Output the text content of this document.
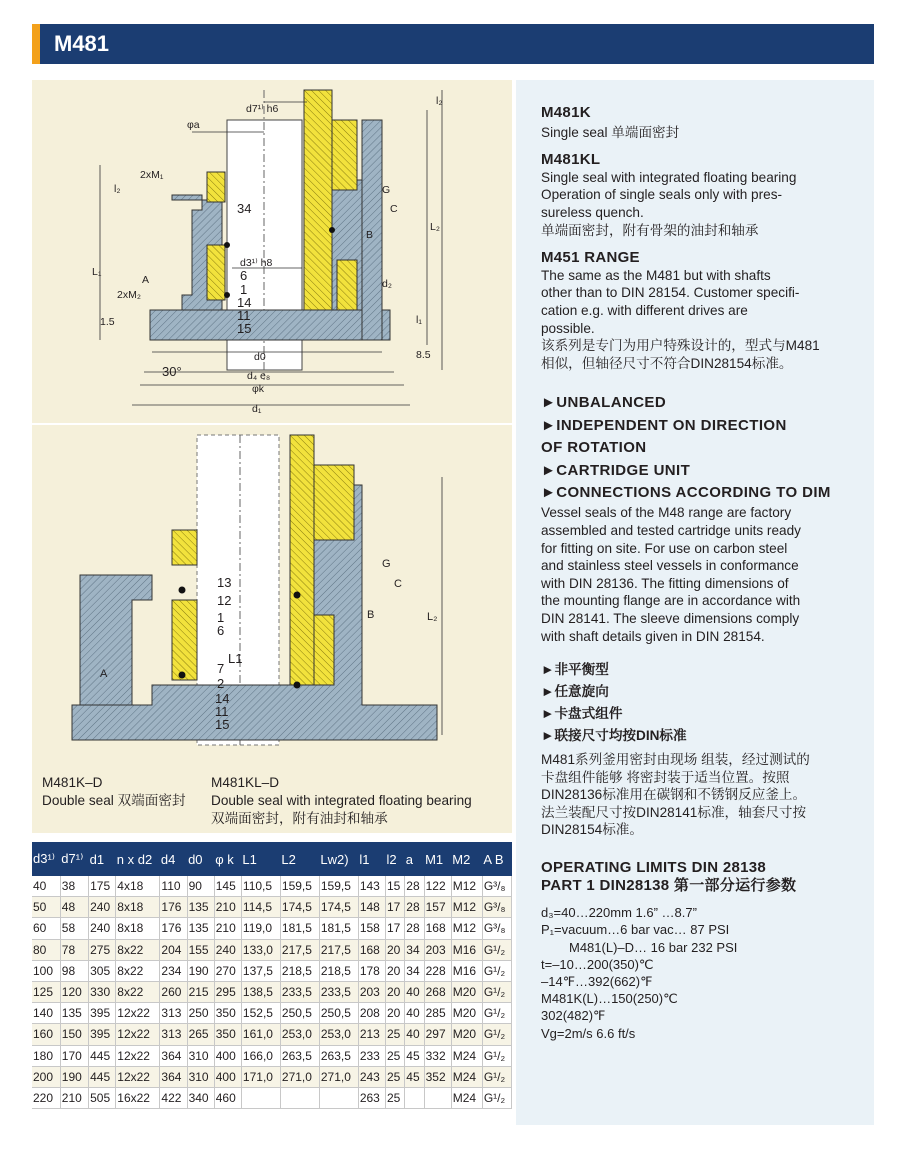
M481
d7¹⁾ h6
φa
2xM₁
l₂
34
L₁
A
2xM₂
d3¹⁾ h8
6
1
14
11
15
1.5
30°
d0
d₄ e₈
φk
d₁
G
C
B
L₂
d₂
l₁
8.5
l₂
13
12
1
6
L1
7
2
14
11
15
A
G
C
B	L₂
M481K–D
Double seal 双端面密封
M481KL–D
Double seal with integrated floating bearing
双端面密封，附有油封和轴承
M481K

Single seal 单端面密封

M481KL
Single seal with integrated floating bearing
Operation of single seals only with pres-
sureless quench.
单端面密封，附有骨架的油封和轴承
M451 RANGE
The same as the M481 but with shafts
other than to DIN 28154. Customer specifi-
cation e.g. with different drives are
possible.
该系列是专门为用户特殊设计的，型式与M481
相似，但轴径尺寸不符合DIN28154标准。
►UNBALANCED
►INDEPENDENT ON DIRECTION
OF ROTATION
►CARTRIDGE UNIT
►CONNECTIONS ACCORDING TO DIM
Vessel seals of the M48 range are factory
assembled and tested cartridge units ready
for fitting on site. For use on carbon steel
and stainless steel vessels in conformance
with DIN 28136. The fitting dimensions of
the mounting flange are in accordance with
DIN 28141. The sleeve dimensions comply
with shaft details given in DIN 28154.
►非平衡型
►任意旋向
►卡盘式组件
►联接尺寸均按DIN标准
M481系列釜用密封由现场 组装，经过测试的
卡盘组件能够 将密封装于适当位置。按照
DIN28136标准用在碳钢和不锈钢反应釜上。
法兰装配尺寸按DIN28141标准，轴套尺寸按
DIN28154标准。
OPERATING LIMITS DIN 28138
PART 1 DIN28138 第一部分运行参数
d₃=40…220mm 1.6” …8.7”
P₁=vacuum…6 bar vac… 87 PSI
M481(L)–D… 16 bar 232 PSI
t=–10…200(350)℃
–14℉…392(662)℉
M481K(L)…150(250)℃
302(482)℉
Vg=2m/s 6.6 ft/s
d3¹⁾	d7¹⁾	d1	n x d2	d4	d0	φ k	L1	L2	Lw2)	l1	l2	a	M1	M2	A B
40	38	175	4x18	110	90	145	110,5	159,5	159,5	143	15	28	122	M12	G³/₈
50	48	240	8x18	176	135	210	114,5	174,5	174,5	148	17	28	157	M12	G³/₈
60	58	240	8x18	176	135	210	119,0	181,5	181,5	158	17	28	168	M12	G³/₈
80	78	275	8x22	204	155	240	133,0	217,5	217,5	168	20	34	203	M16	G¹/₂
100	98	305	8x22	234	190	270	137,5	218,5	218,5	178	20	34	228	M16	G¹/₂
125	120	330	8x22	260	215	295	138,5	233,5	233,5	203	20	40	268	M20	G¹/₂
140	135	395	12x22	313	250	350	152,5	250,5	250,5	208	20	40	285	M20	G¹/₂
160	150	395	12x22	313	265	350	161,0	253,0	253,0	213	25	40	297	M20	G¹/₂
180	170	445	12x22	364	310	400	166,0	263,5	263,5	233	25	45	332	M24	G¹/₂
200	190	445	12x22	364	310	400	171,0	271,0	271,0	243	25	45	352	M24	G¹/₂
220	210	505	16x22	422	340	460				263	25			M24	G¹/₂
